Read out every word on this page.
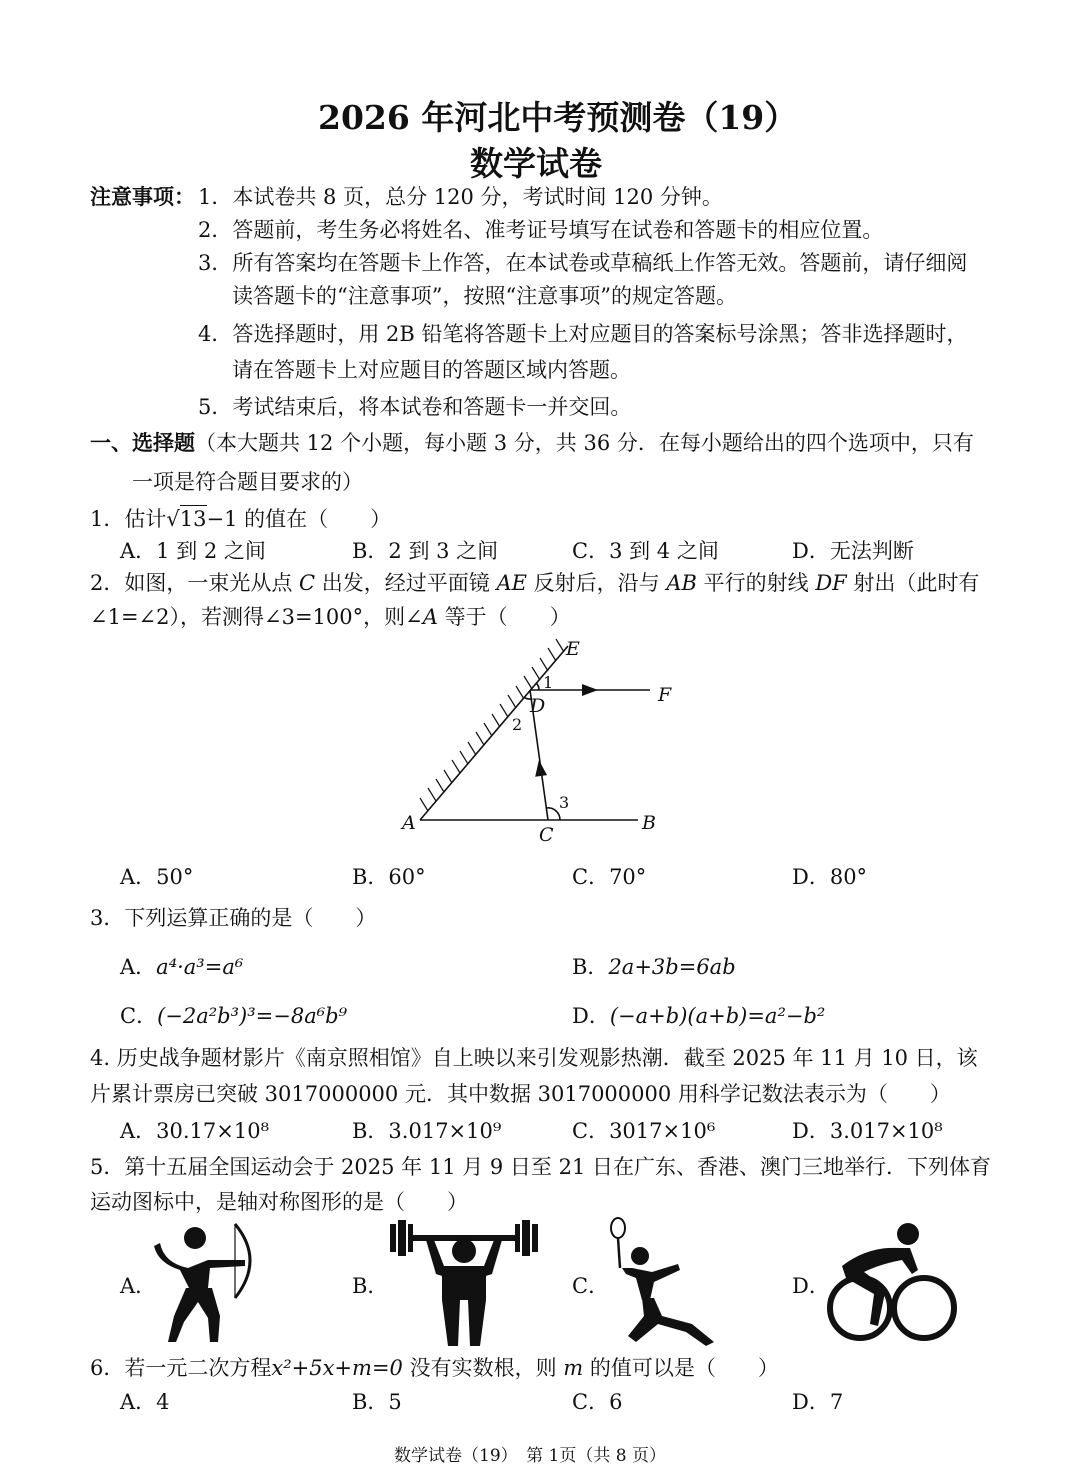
2026 年河北中考预测卷（19）
数学试卷
注意事项： 1．本试卷共 8 页，总分 120 分，考试时间 120 分钟。
2．答题前，考生务必将姓名、准考证号填写在试卷和答题卡的相应位置。
3．所有答案均在答题卡上作答，在本试卷或草稿纸上作答无效。答题前，请仔细阅
读答题卡的“注意事项”，按照“注意事项”的规定答题。
4．答选择题时，用 2B 铅笔将答题卡上对应题目的答案标号涂黑；答非选择题时，
请在答题卡上对应题目的答题区域内答题。
5．考试结束后，将本试卷和答题卡一并交回。
一、选择题（本大题共 12 个小题，每小题 3 分，共 36 分．在每小题给出的四个选项中，只有
一项是符合题目要求的）
1．估计√13−1 的值在（　　）
A．1 到 2 之间	B．2 到 3 之间	C．3 到 4 之间	D．无法判断
2．如图，一束光从点 C 出发，经过平面镜 AE 反射后，沿与 AB 平行的射线 DF 射出（此时有
∠1=∠2），若测得∠3=100°，则∠A 等于（　　）
A	B
C
D
E
F
1
2
3
A．50°	B．60°	C．70°	D．80°
3．下列运算正确的是（　　）
A．a⁴·a³=a⁶	B．2a+3b=6ab
C．(−2a²b³)³=−8a⁶b⁹	D．(−a+b)(a+b)=a²−b²
4. 历史战争题材影片《南京照相馆》自上映以来引发观影热潮．截至 2025 年 11 月 10 日，该
片累计票房已突破 3017000000 元．其中数据 3017000000 用科学记数法表示为（　　）
A．30.17×10⁸	B．3.017×10⁹	C．3017×10⁶	D．3.017×10⁸
5．第十五届全国运动会于 2025 年 11 月 9 日至 21 日在广东、香港、澳门三地举行．下列体育
运动图标中，是轴对称图形的是（　　）
A．	B．	C．	D．
6．若一元二次方程x²+5x+m=0 没有实数根，则 m 的值可以是（　　）
A．4	B．5	C．6	D．7
数学试卷（19）　第 1页（共 8 页）
